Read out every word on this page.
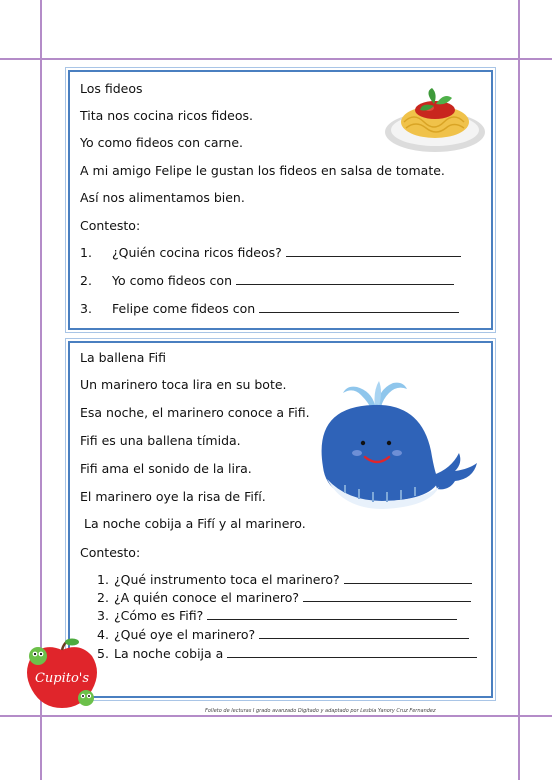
Los fideos
Tita nos cocina ricos fideos.
Yo como fideos con carne.
A mi amigo Felipe le gustan los fideos en salsa de tomate.
Así nos alimentamos bien.
Contesto:
1. ¿Quién cocina ricos fideos?
2. Yo como fideos con
3. Felipe come fideos con
La ballena Fifi
Un marinero toca lira en su bote.
Esa noche, el marinero conoce a Fifi.
Fifi es una ballena tímida.
Fifi ama el sonido de la lira.
El marinero oye la risa de Fifí.
La noche cobija a Fifí y al marinero.
Contesto:
1. ¿Qué instrumento toca el marinero?
2. ¿A quién conoce el marinero?
3. ¿Cómo es Fifi?
4. ¿Qué oye el marinero?
5. La noche cobija a
Cupito's
Folleto de lecturas I grado avanzado Digitado y adaptado por Lesbia Yanory Cruz Fernandez
